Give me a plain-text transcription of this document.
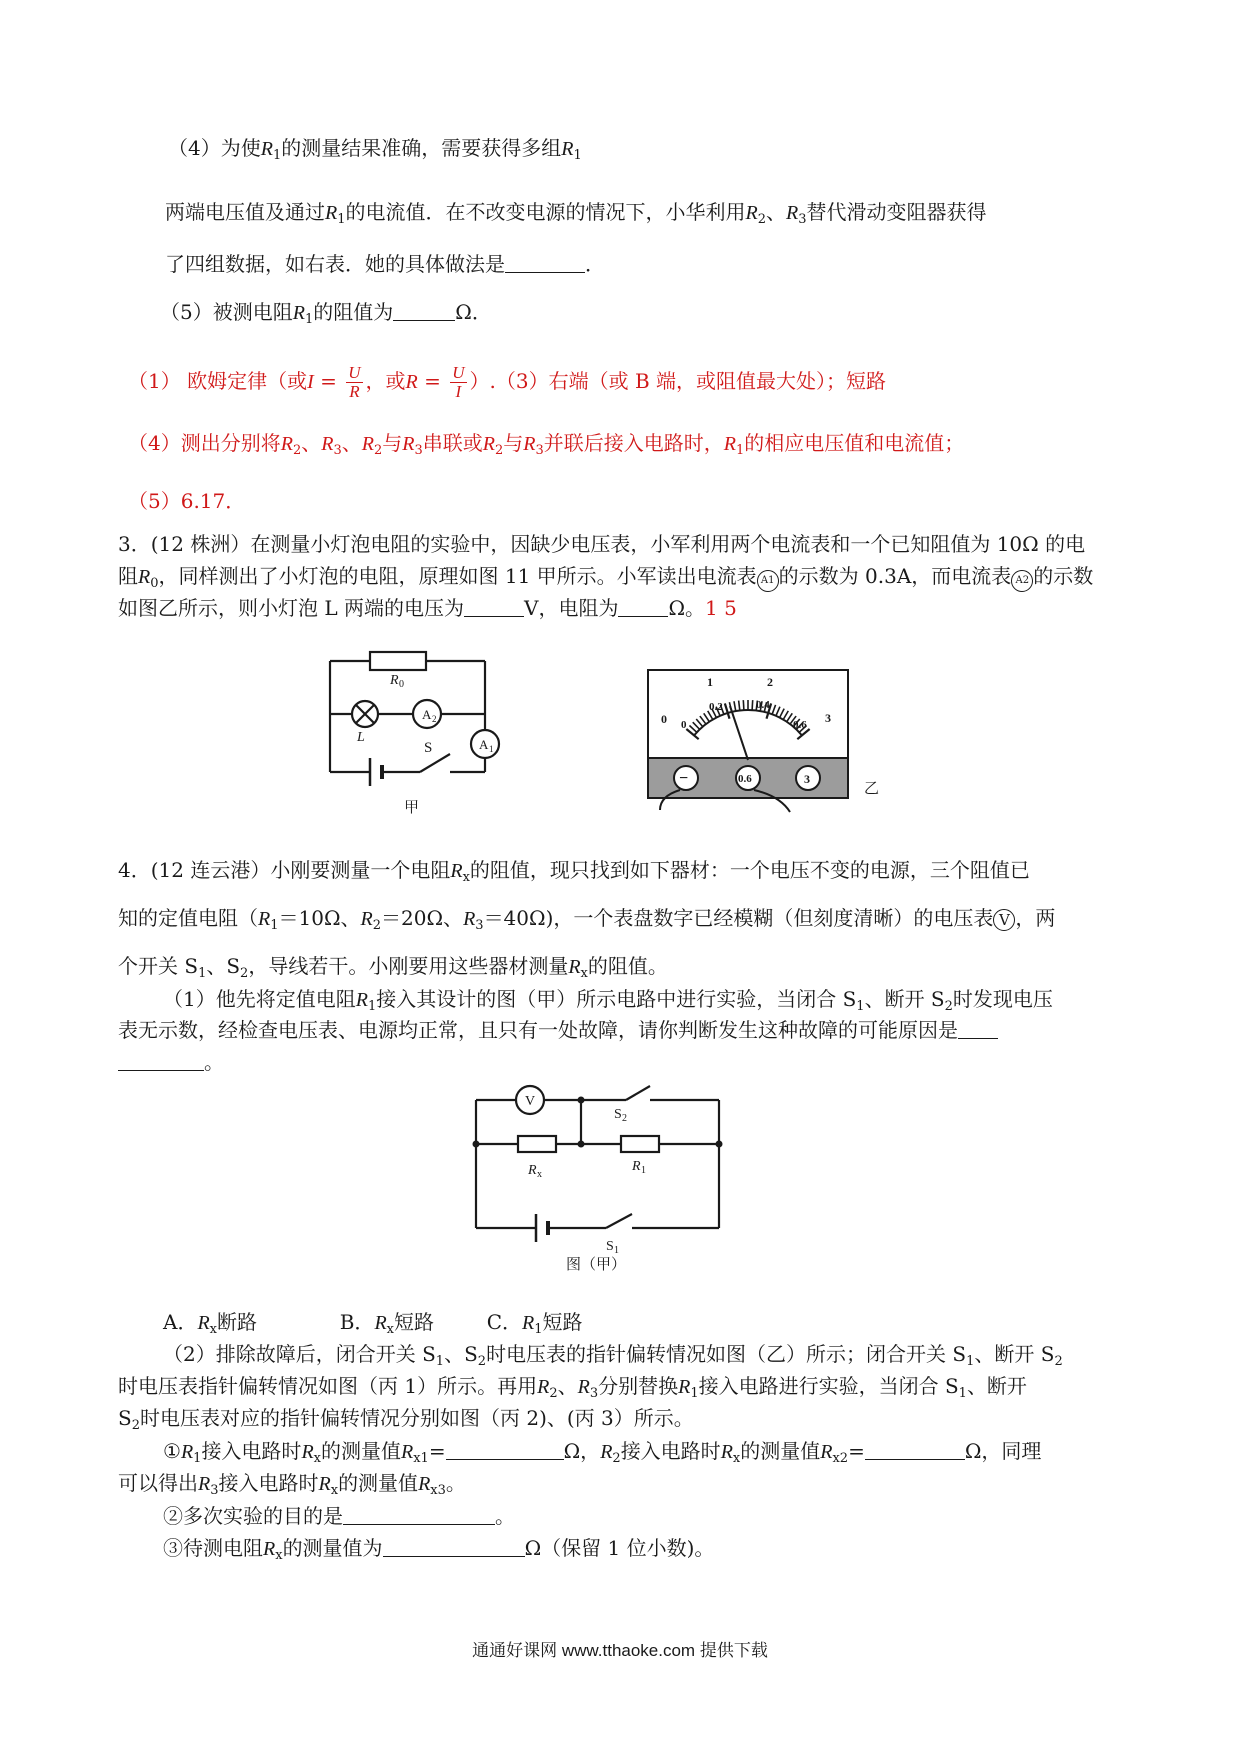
（4）为使$R_1$的测量结果准确，需要获得多组$R_1$
两端电压值及通过$R_1$的电流值．在不改变电源的情况下，小华利用$R_2$、$R_3$替代滑动变阻器获得
了四组数据，如右表．她的具体做法是	．
（5）被测电阻$R_1$的阻值为	Ω．
（1） 欧姆定律（或$I = \frac{U}{R}$ ，或$R = \frac{U}{I} ).(3)$右端（或 B 端，或阻值最大处）；短路
（4）测出分别将$R_2$、$R_3$、$R_2$与$R_3$串联或$R_2$与$R_3$并联后接入电路时，$R_1$的相应电压值和电流值；
（5）6.17．
3．(12 株洲）在测量小灯泡电阻的实验中，因缺少电压表，小军利用两个电流表和一个已知阻值为 10Ω 的电
阻$R_0$，同样测出了小灯泡的电阻，原理如图 11 甲所示。小军读出电流表 A1 的示数为 0.3A，而电流表 A2 的示数
如图乙所示，则小灯泡 L 两端的电压为	V，电阻为	Ω。1 5
R 0
A 2
A 1
L
S
甲
0
1	2
3
0
0.2	0.4
0.6
−	0.6	3
乙
4．(12 连云港）小刚要测量一个电阻$R_x$的阻值，现只找到如下器材：一个电压不变的电源，三个阻值已
知的定值电阻（$R_1=10\Omega$、$R_2=20\Omega$、$R_3=40\Omega$)，一个表盘数字已经模糊（但刻度清晰）的电压表 V ，两
个开关 $S_1$、$S_2$，导线若干。小刚要用这些器材测量$R_x$的阻值。
（1）他先将定值电阻$R_1$接入其设计的图（甲）所示电路中进行实验，当闭合 $S_1$、断开 $S_2$时发现电压
表无示数，经检查电压表、电源均正常，且只有一处故障，请你判断发生这种故障的可能原因是
。
V
S 2
R x
R 1
S 1
图（甲）
A．$R_x$断路	B．$R_x$短路	C．$R_1$短路
（2）排除故障后，闭合开关 $S_1$、$S_2$时电压表的指针偏转情况如图（乙）所示；闭合开关 $S_1$、断开 $S_2$
时电压表指针偏转情况如图（丙 1）所示。再用$R_2$、$R_3$分别替换$R_1$接入电路进行实验，当闭合 $S_1$、断开
$S_2$时电压表对应的指针偏转情况分别如图（丙 2)、(丙 3）所示。
$①R_1$接入电路时$R_x$的测量值$R_{x1}=$	Ω，$R_2$接入电路时$R_x$的测量值$R_{x2}=$	Ω，同理
可以得出$R_3$接入电路时$R_x$的测量值$R_{x3}$。
②多次实验的目的是	。
③待测电阻$R_x$的测量值为	Ω（保留 1 位小数)。
通通好课网 www.tthaoke.com 提供下载
